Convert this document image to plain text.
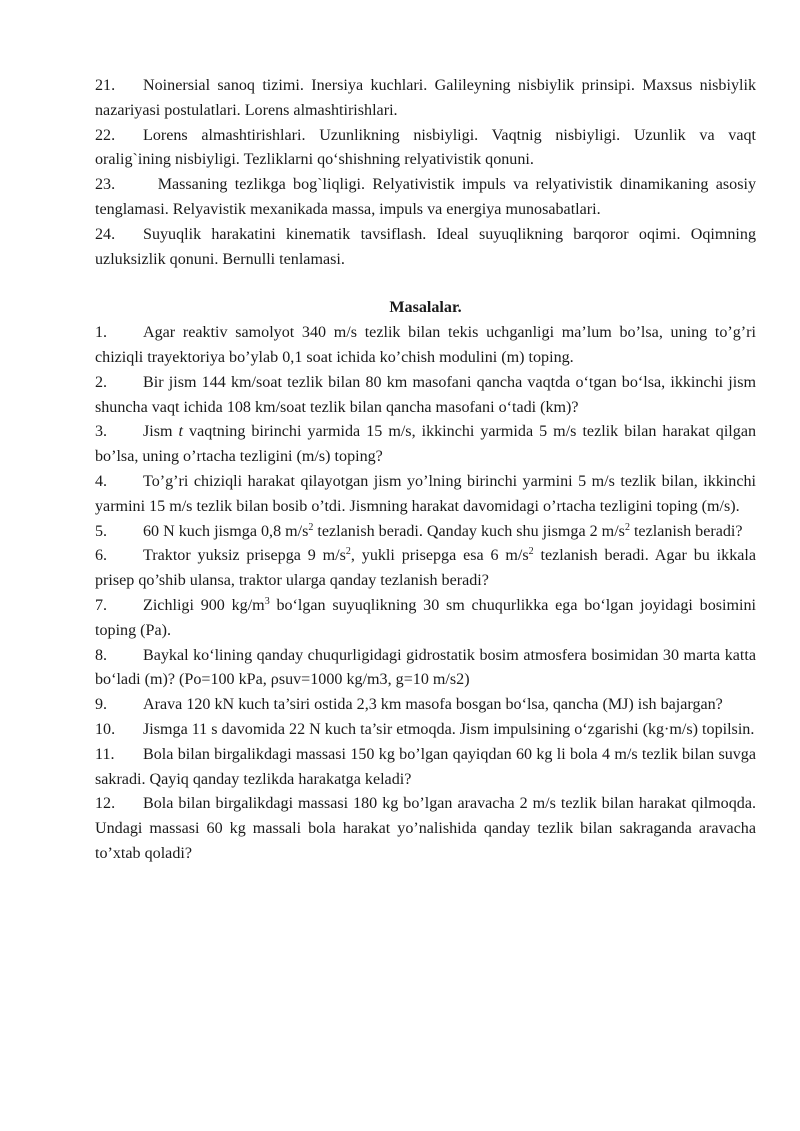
21. Noinersial sanoq tizimi. Inersiya kuchlari. Galileyning nisbiylik prinsipi. Maxsus nisbiylik nazariyasi postulatlari. Lorens almashtirishlari.

22. Lorens almashtirishlari. Uzunlikning nisbiyligi. Vaqtnig nisbiyligi. Uzunlik va vaqt oralig`ining nisbiyligi. Tezliklarni qo‘shishning relyativistik qonuni.

23.  Massaning tezlikga bog`liqligi. Relyativistik impuls va relyativistik dinamikaning asosiy tenglamasi. Relyavistik mexanikada massa, impuls va energiya munosabatlari.

24. Suyuqlik harakatini kinematik tavsiflash. Ideal suyuqlikning barqoror oqimi. Oqimning uzluksizlik qonuni. Bernulli tenlamasi.

Masalalar.

1. Agar reaktiv samolyot 340 m/s tezlik bilan tekis uchganligi ma’lum bo’lsa, uning to’g’ri chiziqli trayektoriya bo’ylab 0,1 soat ichida ko’chish modulini (m) toping.

2. Bir jism 144 km/soat tezlik bilan 80 km masofani qancha vaqtda o‘tgan bo‘lsa, ikkinchi jism shuncha vaqt ichida 108 km/soat tezlik bilan qancha masofani o‘tadi (km)?

3. Jism t vaqtning birinchi yarmida 15 m/s, ikkinchi yarmida 5 m/s tezlik bilan harakat qilgan bo’lsa, uning o’rtacha tezligini (m/s) toping?

4. To’g’ri chiziqli harakat qilayotgan jism yo’lning birinchi yarmini 5 m/s tezlik bilan, ikkinchi yarmini 15 m/s tezlik bilan bosib o’tdi. Jismning harakat davomidagi o’rtacha tezligini toping (m/s).

5. 60 N kuch jismga 0,8 $m/s^2$ tezlanish beradi. Qanday kuch shu jismga 2 $m/s^2$ tezlanish beradi?

6. Traktor yuksiz prisepga 9 $m/s^2$, yukli prisepga esa 6 $m/s^2$ tezlanish beradi. Agar bu ikkala prisep qo’shib ulansa, traktor ularga qanday tezlanish beradi?

7. Zichligi 900 $kg/m^3$ bo‘lgan suyuqlikning 30 sm chuqurlikka ega bo‘lgan joyidagi bosimini toping (Pa).

8. Baykal ko‘lining qanday chuqurligidagi gidrostatik bosim atmosfera bosimidan 30 marta katta bo‘ladi (m)? (Po=100 kPa, ρsuv=1000 kg/m3, g=10 m/s2)

9. Arava 120 kN kuch ta’siri ostida 2,3 km masofa bosgan bo‘lsa, qancha (MJ) ish bajargan?

10. Jismga 11 s davomida 22 N kuch ta’sir etmoqda. Jism impulsining o‘zgarishi (kg·m/s) topilsin.

11. Bola bilan birgalikdagi massasi 150 kg bo’lgan qayiqdan 60 kg li bola 4 m/s tezlik bilan suvga sakradi. Qayiq qanday tezlikda harakatga keladi?

12. Bola bilan birgalikdagi massasi 180 kg bo’lgan aravacha 2 m/s tezlik bilan harakat qilmoqda. Undagi massasi 60 kg massali bola harakat yo’nalishida qanday tezlik bilan sakraganda aravacha to’xtab qoladi?
